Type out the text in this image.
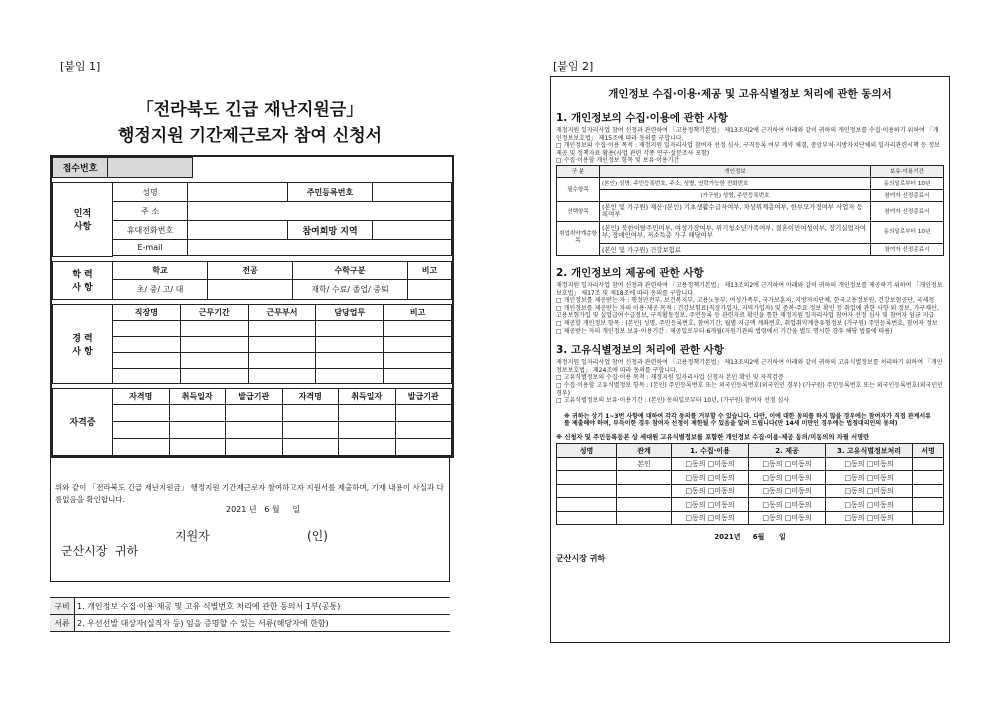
[붙임 1]
「전라북도 긴급 재난지원금」
행정지원 기간제근로자 참여 신청서
접수번호		
인적
사항	성명		주민등록번호	
	주 소			
	휴대전화번호		참여희망 지역	
	E-mail			

학 력
사 항	학교	전공	수학구분	비고
	초/ 중/ 고/ 대		재학/ 수료/ 졸업/ 중퇴	
경 력
사 항	직장명	근무기간	근무부서	담당업무	비고

자격증	자격명	취득일자	발급기관	자격명	취득일자	발급기관

위와 같이 「전라북도 긴급 재난지원금」 행정지원 기간제근로자 참여하고자 지원서를 제출하며, 기재 내용이 사실과 다름없음을 확인합니다.
2021 년   6 월     일
지원자	(인)
군산시장  귀하
구비	1. 개인정보 수집·이용·제공 및 고유 식별번호 처리에 관한 동의서 1부(공통)
서류	2. 우선선발 대상자(실직자 등) 임을 증명할 수 있는 서류(해당자에 한함)
[붙임 2]
개인정보 수집·이용·제공 및 고유식별정보 처리에 관한 동의서
1. 개인정보의 수집·이용에 관한 사항

재정지원 일자리사업 참여 신청과 관련하여 「고용정책기본법」 제13조의2에 근거하여 아래와 같이 귀하의 개인정보를 수집·이용하기 위하여 「개인정보보호법」 제15조에 따라 동의를 구합니다.

□ 개인정보의 수집·이용 목적 : 재정지원 일자리사업 참여자 선정 심사, 구직등록 여부 계약 체결, 중앙부처·지방자치단체의 일자리관련시책 등 정보제공 및 정책자료 활용(사업 관련 각종 연구·설문조사 포함)

□ 수집·이용할 개인정보 항목 및 보유·이용기간

구 분	개인정보	보유·이용기간
필수항목	(본인) 성명, 주민등록번호, 주소, 성별, 연락가능한 전화번호	동의일로부터 10년
	(가구원) 성명, 주민등록번호	참여자 선정종료시
선택항목	(본인 및 가구원) 재산·(본인) 기초생활수급자여부, 차상위계층여부, 한부모가정여부 사업자 등록여부	참여자 선정종료시
취업취약계층항목	(본인) 북한이탈주민여부, 여성가장여부, 위기청소년가족여부, 결혼이민여성여부, 장기실업자여부, 장애인여부, 저소득층 가구 해당여부	동의일로부터 10년
	(본인 및 가구원) 건강보험료	참여자 선정종료시
2. 개인정보의 제공에 관한 사항

재정지원 일자리사업 참여 신청과 관련하여 「고용정책기본법」 제13조의2에 근거하여 아래와 같이 귀하의 개인정보를 제공하기 위하여 「개인정보보호법」 제17조 및 제18조에 따라 동의를 구합니다.

□ 개인정보를 제공받는 자 : 행정안전부, 보건복지부, 고용노동부, 여성가족부, 국가보훈처, 지방자치단체, 한국고용정보원, 건강보험공단, 국세청

□ 개인정보를 제공받는 자의 이용·제공 목적 : 건강보험료(직장가입자, 지역가입자) 및 중복·주요 정보 확인 등 취업에 관한 사항 외 정보, 가구재산, 고용보험가입 및 실업급여수급정보, 구직활동정보, 주민등록 등 관련자료 확인을 통한 재정지원 일자리사업 참여자 선정 심사 및 참여자 임금 지급

□ 제공할 개인정보 항목 : (본인) 성명, 주민등록번호, 참여기간, 월별 지급액 계좌번호, 취업취약계층유형정보 (가구원) 주민등록번호, 참여자 정보

□ 제공받는 자의 개인정보 보유·이용기간 : 제공일로부터 6개월(지원기관의 법령에서 기간을 별도 명시한 경우 해당 법률에 따름)

3. 고유식별정보의 처리에 관한 사항

재정지원 일자리사업 참여 신청과 관련하여 「고용정책기본법」 제13조의2에 근거하여 아래와 같이 귀하의 고유식별정보를 처리하기 위하여 「개인정보보호법」 제24조에 따라 동의를 구합니다.

□ 고유식별정보의 수집·이용 목적 : 재정지원 일자리사업 신청자 본인 확인 및 자격검증

□ 수집·이용할 고유식별정보 항목 : (본인) 주민등록번호 또는 외국인등록번호(외국인인 경우) (가구원) 주민등록번호 또는 외국인등록번호(외국인인 경우)

□ 고유식별정보의 보유·이용기간 : (본인) 동의일로부터 10년, (가구원) 참여자 선정 심사

※ 귀하는 상기 1~3번 사항에 대하여 각각 동의를 거부할 수 있습니다. 다만, 이에 대한 동의를 하지 않을 경우에는 참여자가 직접 관계서류를 제출해야 하며, 부득이한 경우 참여자 선정이 제한될 수 있음을 알려 드립니다(만 14세 미만인 경우에는 법정대리인의 동의)

※ 신청자 및 주민등록등본 상 세대원 고유식별정보를 포함한 개인정보 수집·이용·제공 동의/미동의의 자필 서명란

성명	관계	1. 수집·이용	2. 제공	3. 고유식별정보처리	서명
	본인	□동의 □미동의	□동의 □미동의	□동의 □미동의	
		□동의 □미동의	□동의 □미동의	□동의 □미동의	
		□동의 □미동의	□동의 □미동의	□동의 □미동의	
		□동의 □미동의	□동의 □미동의	□동의 □미동의	
		□동의 □미동의	□동의 □미동의	□동의 □미동의	
2021년     6월      일
군산시장 귀하
